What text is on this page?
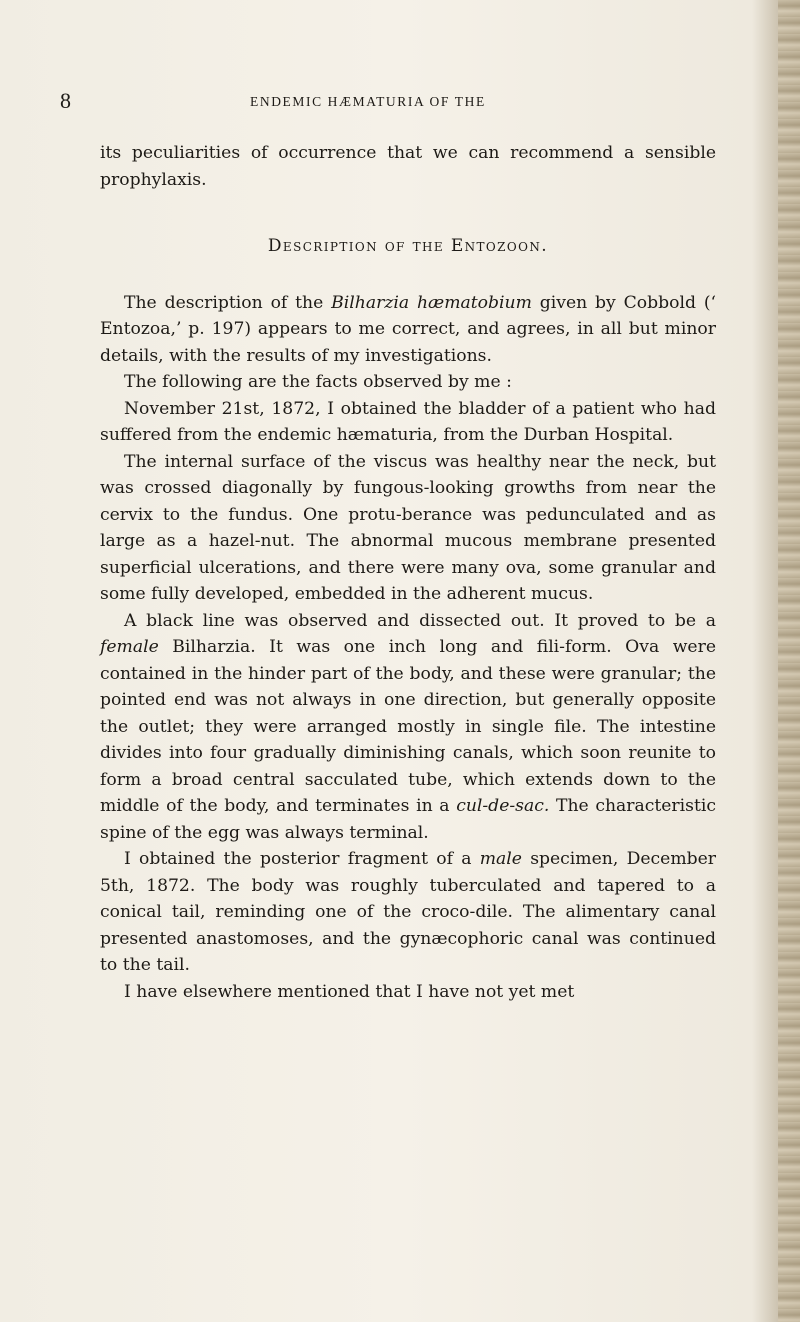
8	ENDEMIC HÆMATURIA OF THE

its peculiarities of occurrence that we can recommend a sensible prophylaxis.

Description of the Entozoon.

The description of the Bilharzia hæmatobium given by Cobbold (‘ Entozoa,’ p. 197) appears to me correct, and agrees, in all but minor details, with the results of my investigations.

The following are the facts observed by me :

November 21st, 1872, I obtained the bladder of a patient who had suffered from the endemic hæmaturia, from the Durban Hospital.

The internal surface of the viscus was healthy near the neck, but was crossed diagonally by fungous-looking growths from near the cervix to the fundus. One protu-berance was pedunculated and as large as a hazel-nut. The abnormal mucous membrane presented superficial ulcerations, and there were many ova, some granular and some fully developed, embedded in the adherent mucus.

A black line was observed and dissected out. It proved to be a female Bilharzia. It was one inch long and fili-form. Ova were contained in the hinder part of the body, and these were granular; the pointed end was not always in one direction, but generally opposite the outlet; they were arranged mostly in single file. The intestine divides into four gradually diminishing canals, which soon reunite to form a broad central sacculated tube, which extends down to the middle of the body, and terminates in a cul-de-sac. The characteristic spine of the egg was always terminal.

I obtained the posterior fragment of a male specimen, December 5th, 1872. The body was roughly tuberculated and tapered to a conical tail, reminding one of the croco-dile. The alimentary canal presented anastomoses, and the gynæcophoric canal was continued to the tail.

I have elsewhere mentioned that I have not yet met
